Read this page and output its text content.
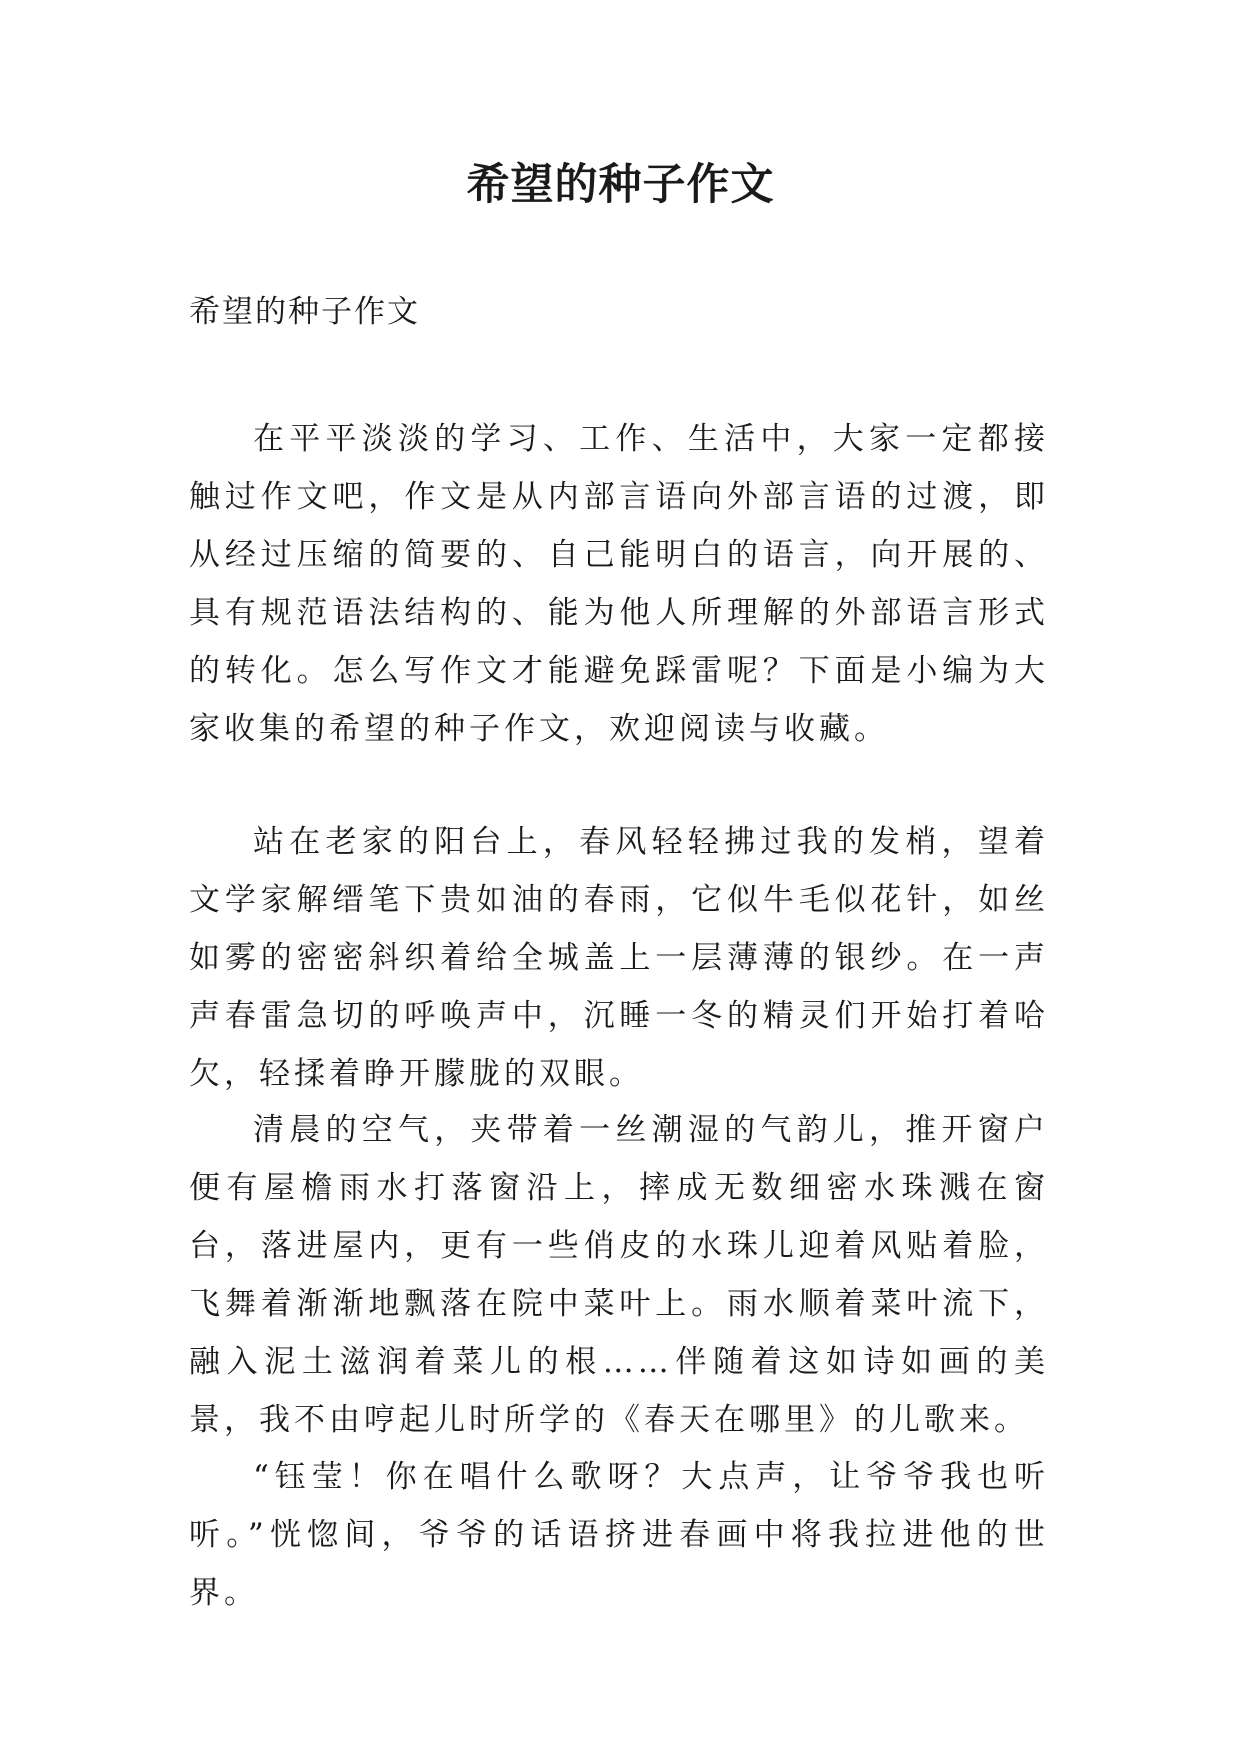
希望的种子作文

希望的种子作文

在平平淡淡的学习、工作、生活中，大家一定都接触过作文吧，作文是从内部言语向外部言语的过渡，即从经过压缩的简要的、自己能明白的语言，向开展的、具有规范语法结构的、能为他人所理解的外部语言形式的转化。怎么写作文才能避免踩雷呢？下面是小编为大家收集的希望的种子作文，欢迎阅读与收藏。

站在老家的阳台上，春风轻轻拂过我的发梢，望着文学家解缙笔下贵如油的春雨，它似牛毛似花针，如丝如雾的密密斜织着给全城盖上一层薄薄的银纱。在一声声春雷急切的呼唤声中，沉睡一冬的精灵们开始打着哈欠，轻揉着睁开朦胧的双眼。

清晨的空气，夹带着一丝潮湿的气韵儿，推开窗户便有屋檐雨水打落窗沿上，摔成无数细密水珠溅在窗台，落进屋内，更有一些俏皮的水珠儿迎着风贴着脸，飞舞着渐渐地飘落在院中菜叶上。雨水顺着菜叶流下，融入泥土滋润着菜儿的根……伴随着这如诗如画的美景，我不由哼起儿时所学的《春天在哪里》的儿歌来。

“钰莹！你在唱什么歌呀？大点声，让爷爷我也听听。”恍惚间，爷爷的话语挤进春画中将我拉进他的世界。
